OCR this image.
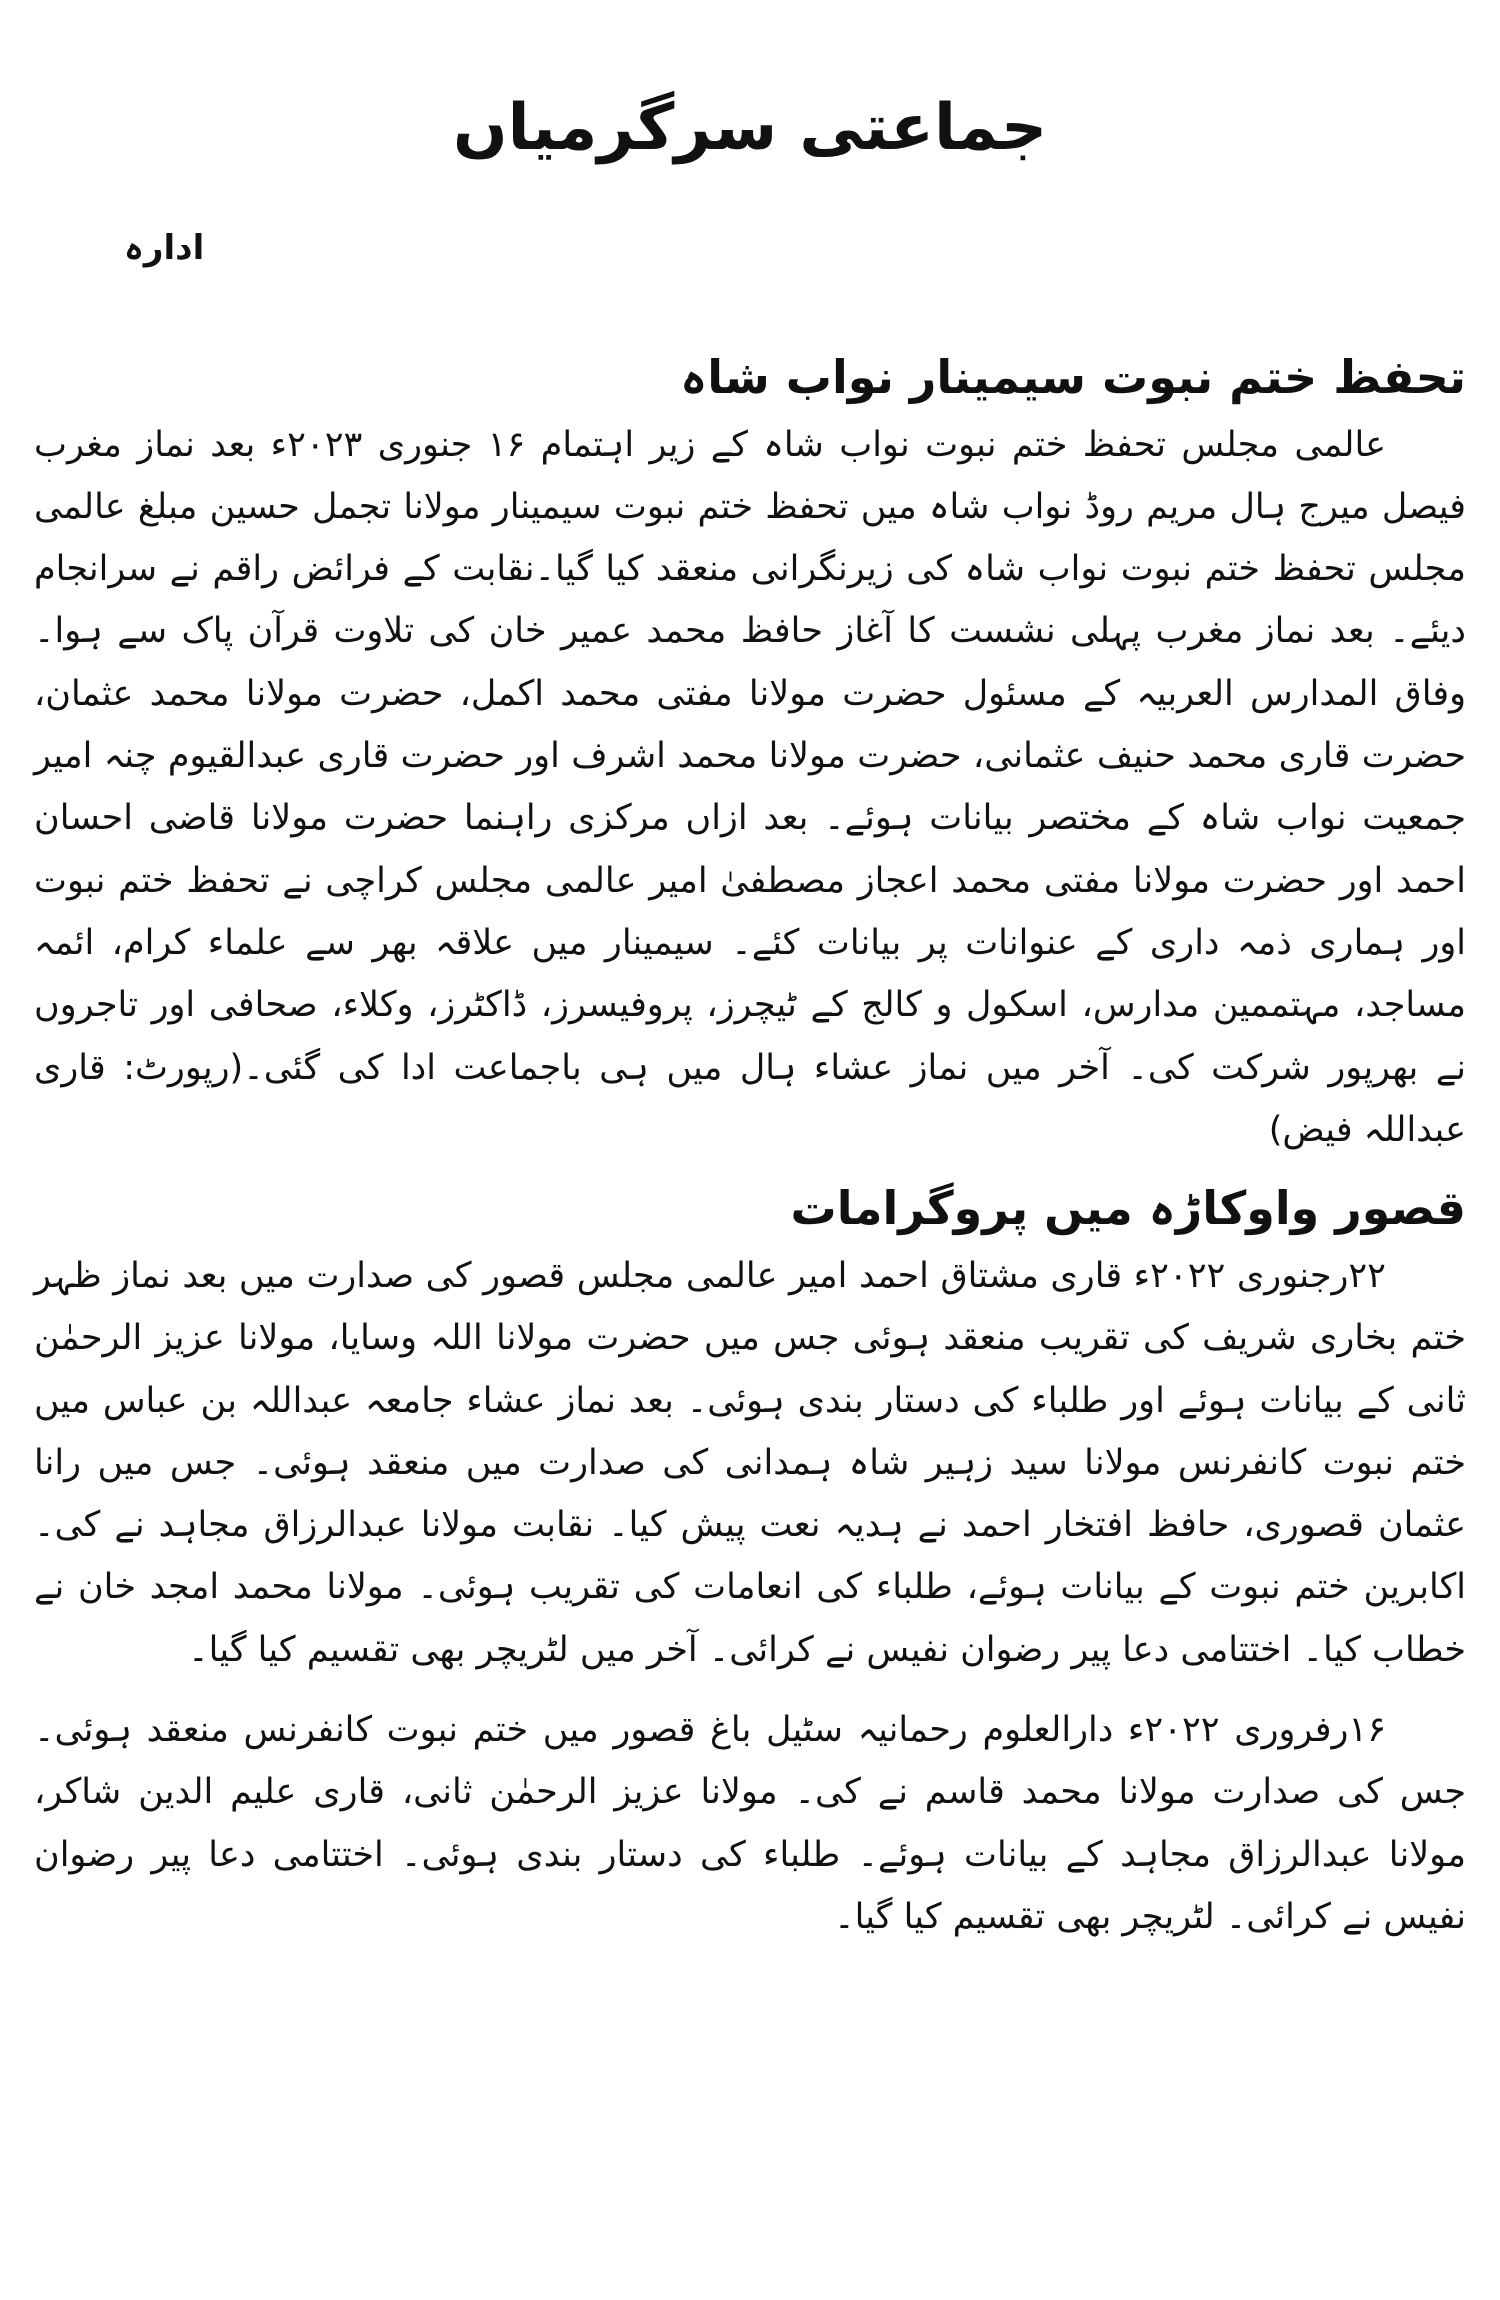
جماعتی سرگرمیاں
ادارہ
تحفظ ختم نبوت سیمینار نواب شاہ

عالمی مجلس تحفظ ختم نبوت نواب شاہ کے زیر اہتمام ۱۶ جنوری ۲۰۲۳ء بعد نماز مغرب فیصل میرج ہال مریم روڈ نواب شاہ میں تحفظ ختم نبوت سیمینار مولانا تجمل حسین مبلغ عالمی مجلس تحفظ ختم نبوت نواب شاہ کی زیرنگرانی منعقد کیا گیا۔نقابت کے فرائض راقم نے سرانجام دیئے۔ بعد نماز مغرب پہلی نشست کا آغاز حافظ محمد عمیر خان کی تلاوت قرآن پاک سے ہوا۔وفاق المدارس العربیہ کے مسئول حضرت مولانا مفتی محمد اکمل، حضرت مولانا محمد عثمان، حضرت قاری محمد حنیف عثمانی، حضرت مولانا محمد اشرف اور حضرت قاری عبدالقیوم چنہ امیر جمعیت نواب شاہ کے مختصر بیانات ہوئے۔ بعد ازاں مرکزی راہنما حضرت مولانا قاضی احسان احمد اور حضرت مولانا مفتی محمد اعجاز مصطفیٰ امیر عالمی مجلس کراچی نے تحفظ ختم نبوت اور ہماری ذمہ داری کے عنوانات پر بیانات کئے۔ سیمینار میں علاقہ بھر سے علماء کرام، ائمہ مساجد، مہتممین مدارس، اسکول و کالج کے ٹیچرز، پروفیسرز، ڈاکٹرز، وکلاء، صحافی اور تاجروں نے بھرپور شرکت کی۔ آخر میں نماز عشاء ہال میں ہی باجماعت ادا کی گئی۔(رپورٹ: قاری عبداللہ فیض)

قصور واوکاڑہ میں پروگرامات

۲۲رجنوری ۲۰۲۲ء قاری مشتاق احمد امیر عالمی مجلس قصور کی صدارت میں بعد نماز ظہر ختم بخاری شریف کی تقریب منعقد ہوئی جس میں حضرت مولانا اللہ وسایا، مولانا عزیز الرحمٰن ثانی کے بیانات ہوئے اور طلباء کی دستار بندی ہوئی۔ بعد نماز عشاء جامعہ عبداللہ بن عباس میں ختم نبوت کانفرنس مولانا سید زہیر شاہ ہمدانی کی صدارت میں منعقد ہوئی۔ جس میں رانا عثمان قصوری، حافظ افتخار احمد نے ہدیہ نعت پیش کیا۔ نقابت مولانا عبدالرزاق مجاہد نے کی۔ اکابرین ختم نبوت کے بیانات ہوئے، طلباء کی انعامات کی تقریب ہوئی۔ مولانا محمد امجد خان نے خطاب کیا۔ اختتامی دعا پیر رضوان نفیس نے کرائی۔ آخر میں لٹریچر بھی تقسیم کیا گیا۔

۱۶رفروری ۲۰۲۲ء دارالعلوم رحمانیہ سٹیل باغ قصور میں ختم نبوت کانفرنس منعقد ہوئی۔ جس کی صدارت مولانا محمد قاسم نے کی۔ مولانا عزیز الرحمٰن ثانی، قاری علیم الدین شاکر، مولانا عبدالرزاق مجاہد کے بیانات ہوئے۔ طلباء کی دستار بندی ہوئی۔ اختتامی دعا پیر رضوان نفیس نے کرائی۔ لٹریچر بھی تقسیم کیا گیا۔
